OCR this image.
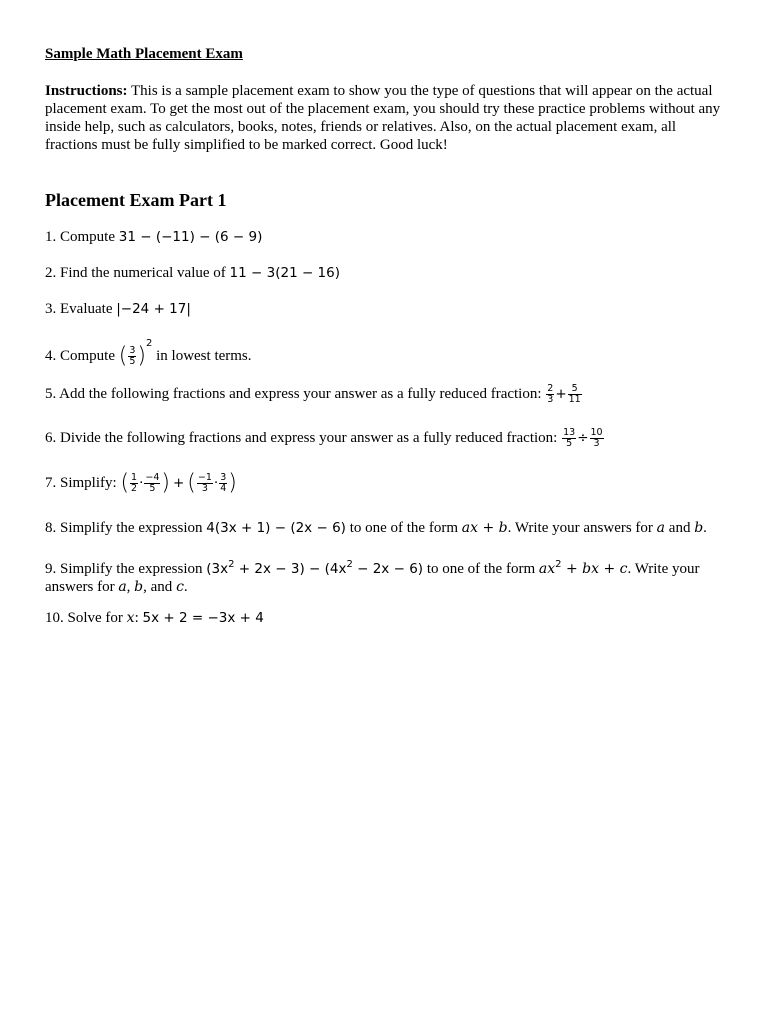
Sample Math Placement Exam
Instructions: This is a sample placement exam to show you the type of questions that will appear on the actual placement exam. To get the most out of the placement exam, you should try these practice problems without any inside help, such as calculators, books, notes, friends or relatives. Also, on the actual placement exam, all fractions must be fully simplified to be marked correct. Good luck!
Placement Exam Part 1
1. Compute 31 − (−11) − (6 − 9)
2. Find the numerical value of 11 − 3(21 − 16)
3. Evaluate |−24 + 17|
4. Compute ( $\frac{3}{5} )^2$ in lowest terms.
5. Add the following fractions and express your answer as a fully reduced fraction: $\frac{2}{3} + \frac{5}{11}$
6. Divide the following fractions and express your answer as a fully reduced fraction: $\frac{13}{5} \div \frac{10}{3}$
7. Simplify: ( $\frac{1}{2} \cdot \frac{-4}{5}$ ) + ( $\frac{-1}{3} \cdot \frac{3}{4}$ )
8. Simplify the expression 4(3x + 1) − (2x − 6) to one of the form ax + b. Write your answers for a and b.
9. Simplify the expression $(3x^2 + 2x - 3) - (4x^2 - 2x - 6)$ to one of the form $ax^2$ + bx + c. Write your answers for a, b, and c.
10. Solve for x: 5x + 2 = −3x + 4
